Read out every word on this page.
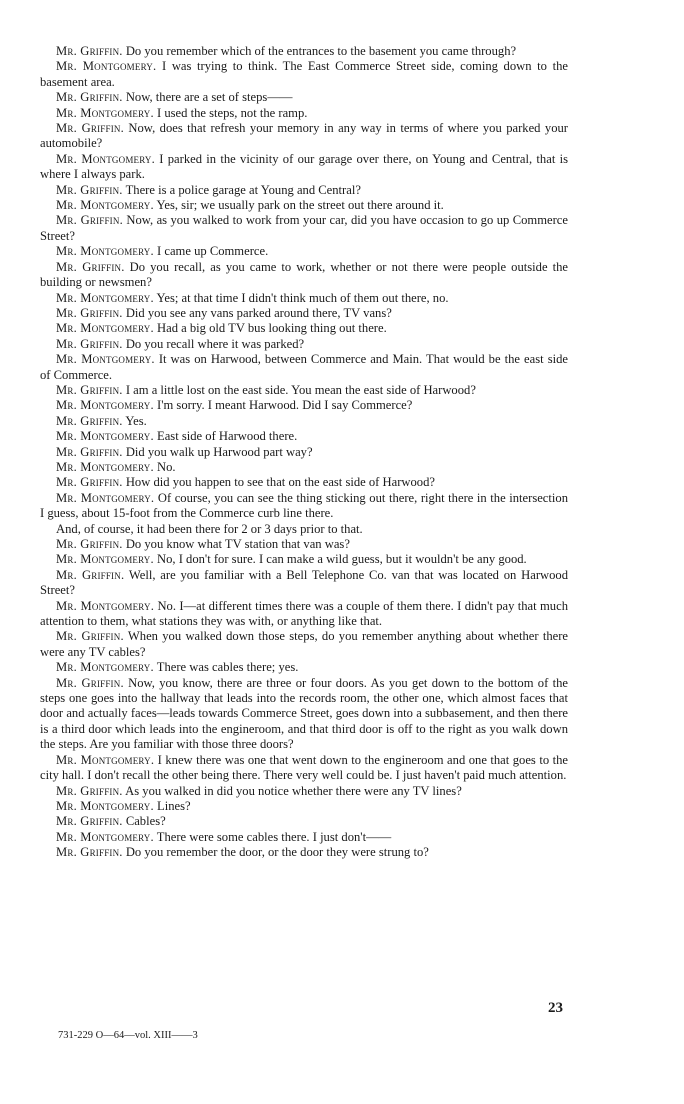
Mr. Griffin. Do you remember which of the entrances to the basement you came through?

Mr. Montgomery. I was trying to think. The East Commerce Street side, coming down to the basement area.

Mr. Griffin. Now, there are a set of steps——

Mr. Montgomery. I used the steps, not the ramp.

Mr. Griffin. Now, does that refresh your memory in any way in terms of where you parked your automobile?

Mr. Montgomery. I parked in the vicinity of our garage over there, on Young and Central, that is where I always park.

Mr. Griffin. There is a police garage at Young and Central?

Mr. Montgomery. Yes, sir; we usually park on the street out there around it.

Mr. Griffin. Now, as you walked to work from your car, did you have occasion to go up Commerce Street?

Mr. Montgomery. I came up Commerce.

Mr. Griffin. Do you recall, as you came to work, whether or not there were people outside the building or newsmen?

Mr. Montgomery. Yes; at that time I didn't think much of them out there, no.

Mr. Griffin. Did you see any vans parked around there, TV vans?

Mr. Montgomery. Had a big old TV bus looking thing out there.

Mr. Griffin. Do you recall where it was parked?

Mr. Montgomery. It was on Harwood, between Commerce and Main. That would be the east side of Commerce.

Mr. Griffin. I am a little lost on the east side. You mean the east side of Harwood?

Mr. Montgomery. I'm sorry. I meant Harwood. Did I say Commerce?

Mr. Griffin. Yes.

Mr. Montgomery. East side of Harwood there.

Mr. Griffin. Did you walk up Harwood part way?

Mr. Montgomery. No.

Mr. Griffin. How did you happen to see that on the east side of Harwood?

Mr. Montgomery. Of course, you can see the thing sticking out there, right there in the intersection I guess, about 15-foot from the Commerce curb line there.

And, of course, it had been there for 2 or 3 days prior to that.

Mr. Griffin. Do you know what TV station that van was?

Mr. Montgomery. No, I don't for sure. I can make a wild guess, but it wouldn't be any good.

Mr. Griffin. Well, are you familiar with a Bell Telephone Co. van that was located on Harwood Street?

Mr. Montgomery. No. I—at different times there was a couple of them there. I didn't pay that much attention to them, what stations they was with, or anything like that.

Mr. Griffin. When you walked down those steps, do you remember anything about whether there were any TV cables?

Mr. Montgomery. There was cables there; yes.

Mr. Griffin. Now, you know, there are three or four doors. As you get down to the bottom of the steps one goes into the hallway that leads into the records room, the other one, which almost faces that door and actually faces—leads towards Commerce Street, goes down into a subbasement, and then there is a third door which leads into the engineroom, and that third door is off to the right as you walk down the steps. Are you familiar with those three doors?

Mr. Montgomery. I knew there was one that went down to the engineroom and one that goes to the city hall. I don't recall the other being there. There very well could be. I just haven't paid much attention.

Mr. Griffin. As you walked in did you notice whether there were any TV lines?

Mr. Montgomery. Lines?

Mr. Griffin. Cables?

Mr. Montgomery. There were some cables there. I just don't——

Mr. Griffin. Do you remember the door, or the door they were strung to?

23
731-229 O—64—vol. XIII——3
